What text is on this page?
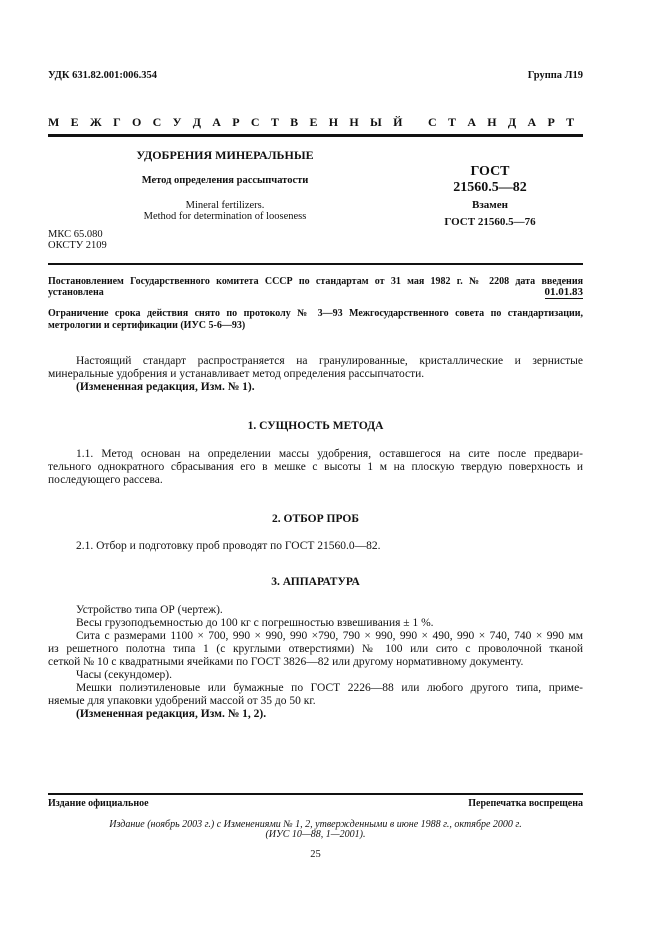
УДК 631.82.001:006.354	Группа Л19
М Е Ж Г О С У Д А Р С Т В Е Н Н Ы Й   С Т А Н Д А Р Т
УДОБРЕНИЯ МИНЕРАЛЬНЫЕ
Метод определения рассыпчатости
Mineral fertilizers.
Method for determination of looseness
ГОСТ
21560.5—82
Взамен
ГОСТ 21560.5—76
МКС 65.080
ОКСТУ 2109
Постановлением Государственного комитета СССР по стандартам от 31 мая 1982 г. № 2208 дата введения
установлена	01.01.83
Ограничение срока действия снято по протоколу № 3—93 Межгосударственного совета по стандартизации,
метрологии и сертификации (ИУС 5-6—93)
Настоящий стандарт распространяется на гранулированные, кристаллические и зернистые
минеральные удобрения и устанавливает метод определения рассыпчатости.
(Измененная редакция, Изм. № 1).
1. СУЩНОСТЬ МЕТОДА
1.1. Метод основан на определении массы удобрения, оставшегося на сите после предвари-
тельного однократного сбрасывания его в мешке с высоты 1 м на плоскую твердую поверхность и
последующего рассева.
2. ОТБОР ПРОБ
2.1. Отбор и подготовку проб проводят по ГОСТ 21560.0—82.
3. АППАРАТУРА
Устройство типа ОР (чертеж).
Весы грузоподъемностью до 100 кг с погрешностью взвешивания ± 1 %.
Сита с размерами 1100 × 700, 990 × 990, 990 ×790, 790 × 990, 990 × 490, 990 × 740, 740 × 990 мм
из решетного полотна типа 1 (с круглыми отверстиями) № 100 или сито с проволочной тканой
сеткой № 10 с квадратными ячейками по ГОСТ 3826—82 или другому нормативному документу.
Часы (секундомер).
Мешки полиэтиленовые или бумажные по ГОСТ 2226—88 или любого другого типа, приме-
няемые для упаковки удобрений массой от 35 до 50 кг.
(Измененная редакция, Изм. № 1, 2).
Издание официальное	Перепечатка воспрещена
Издание (ноябрь 2003 г.) с Изменениями № 1, 2, утвержденными в июне 1988 г., октябре 2000 г.
(ИУС 10—88, 1—2001).
25
